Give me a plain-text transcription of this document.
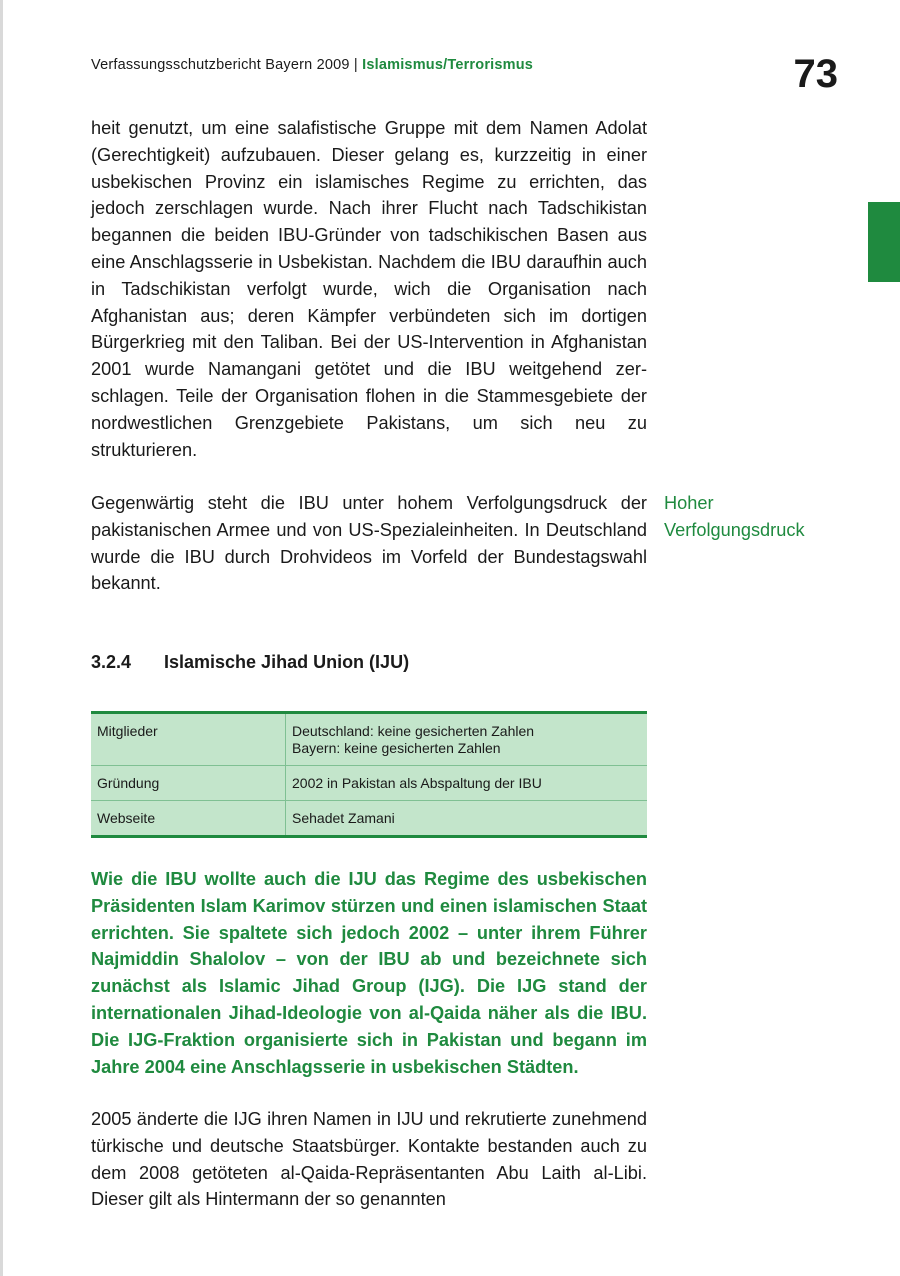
Verfassungsschutzbericht Bayern 2009 | Islamismus/Terrorismus	73

heit genutzt, um eine salafistische Gruppe mit dem Namen Adolat (Gerechtigkeit) aufzubauen. Dieser gelang es, kurzzeitig in einer usbekischen Provinz ein islamisches Regime zu errichten, das jedoch zerschlagen wurde. Nach ihrer Flucht nach Tadschikistan begannen die beiden IBU-Gründer von tadschikischen Basen aus eine Anschlagsserie in Usbekistan. Nachdem die IBU daraufhin auch in Tadschikistan verfolgt wurde, wich die Organisation nach Afghanistan aus; deren Kämpfer verbündeten sich im dortigen Bürgerkrieg mit den Taliban. Bei der US-Intervention in Afghanistan 2001 wurde Namangani getötet und die IBU weitgehend zerschlagen. Teile der Organisation flohen in die Stammesgebiete der nordwestlichen Grenzgebiete Pakistans, um sich neu zu strukturieren.

Gegenwärtig steht die IBU unter hohem Verfolgungsdruck der pakistanischen Armee und von US-Spezialeinheiten. In Deutschland wurde die IBU durch Drohvideos im Vorfeld der Bundestagswahl bekannt.

Hoher
Verfolgungsdruck
3.2.4 Islamische Jihad Union (IJU)
Mitglieder	Deutschland: keine gesicherten Zahlen
Bayern: keine gesicherten Zahlen

Gründung	2002 in Pakistan als Abspaltung der IBU

Webseite	Sehadet Zamani

Wie die IBU wollte auch die IJU das Regime des usbekischen Präsidenten Islam Karimov stürzen und einen islamischen Staat errichten. Sie spaltete sich jedoch 2002 – unter ihrem Führer Najmiddin Shalolov – von der IBU ab und bezeichnete sich zunächst als Islamic Jihad Group (IJG). Die IJG stand der internationalen Jihad-Ideologie von al-Qaida näher als die IBU. Die IJG-Fraktion organisierte sich in Pakistan und begann im Jahre 2004 eine Anschlagsserie in usbekischen Städten.

2005 änderte die IJG ihren Namen in IJU und rekrutierte zunehmend türkische und deutsche Staatsbürger. Kontakte bestanden auch zu dem 2008 getöteten al-Qaida-Repräsentanten Abu Laith al-Libi. Dieser gilt als Hintermann der so genannten
